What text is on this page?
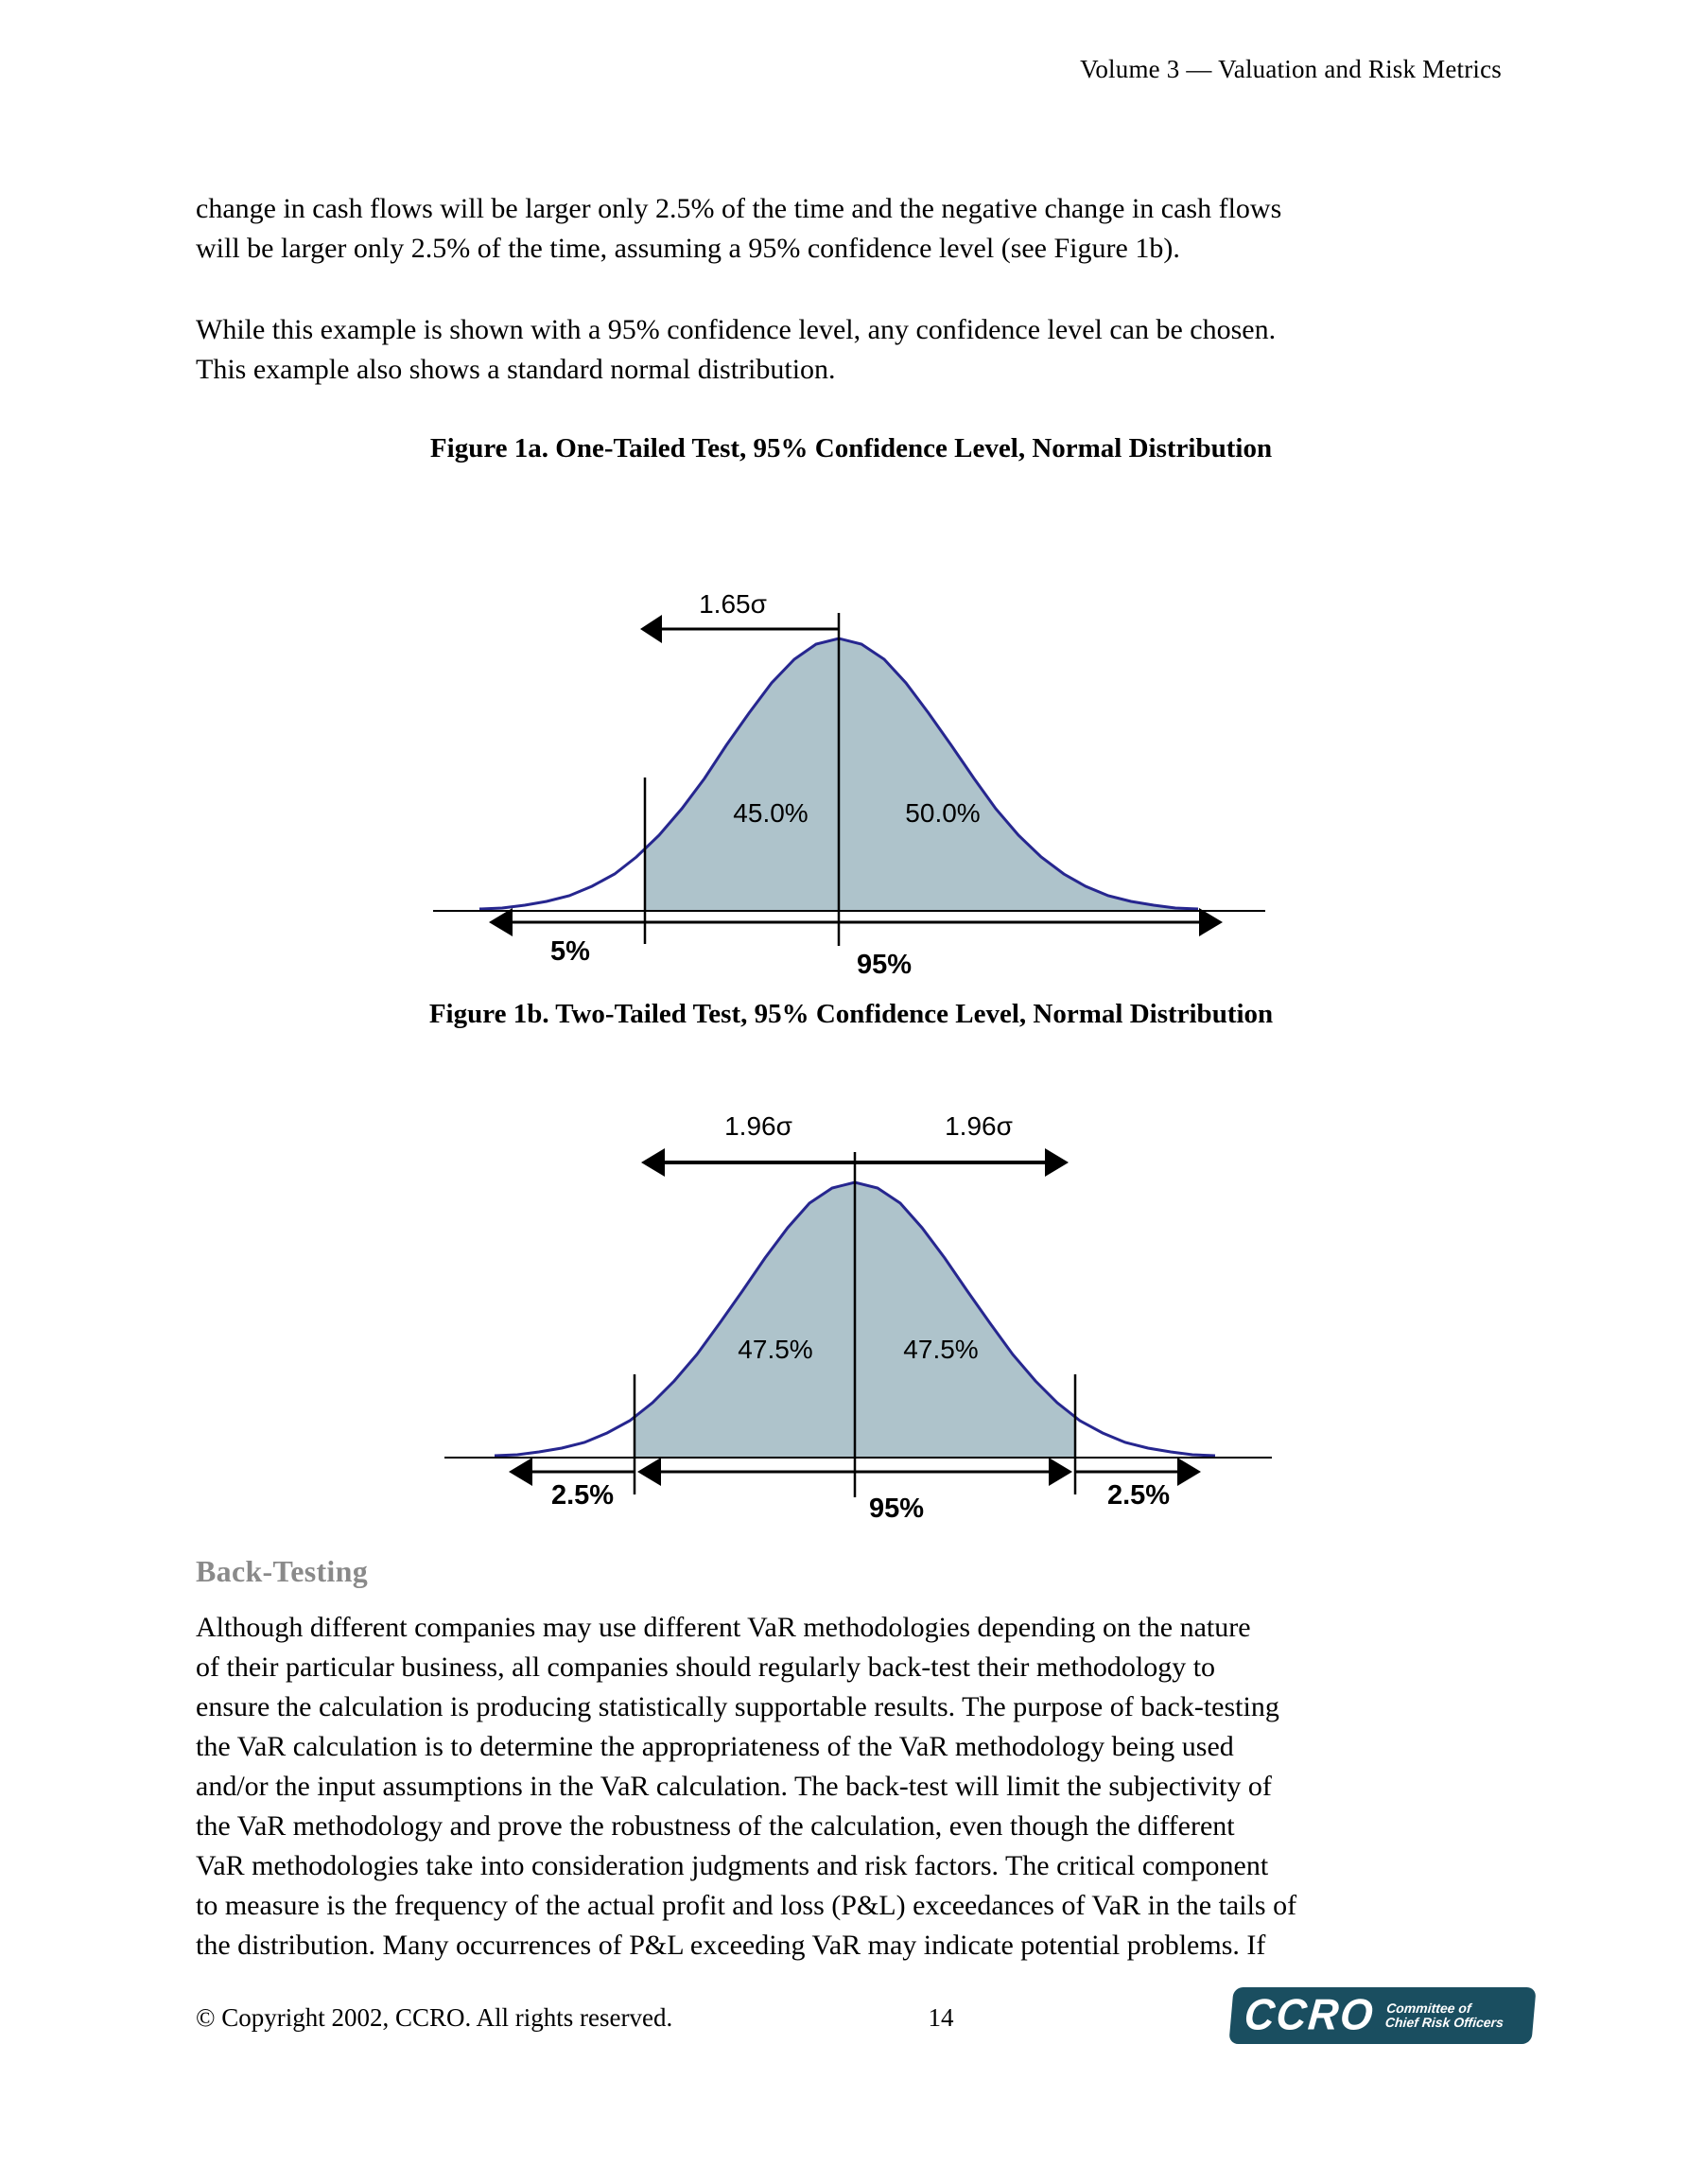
Volume 3 — Valuation and Risk Metrics
change in cash flows will be larger only 2.5% of the time and the negative change in cash flows
will be larger only 2.5% of the time, assuming a 95% confidence level (see Figure 1b).
While this example is shown with a 95% confidence level, any confidence level can be chosen.
This example also shows a standard normal distribution.
Figure 1a. One-Tailed Test, 95% Confidence Level, Normal Distribution
1.65σ
45.0%	50.0%
5%	95%
Figure 1b. Two-Tailed Test, 95% Confidence Level, Normal Distribution
1.96σ	1.96σ
47.5%	47.5%
2.5%	95%	2.5%
Back-Testing
Although different companies may use different VaR methodologies depending on the nature
of their particular business, all companies should regularly back-test their methodology to
ensure the calculation is producing statistically supportable results. The purpose of back-testing
the VaR calculation is to determine the appropriateness of the VaR methodology being used
and/or the input assumptions in the VaR calculation. The back-test will limit the subjectivity of
the VaR methodology and prove the robustness of the calculation, even though the different
VaR methodologies take into consideration judgments and risk factors. The critical component
to measure is the frequency of the actual profit and loss (P&L) exceedances of VaR in the tails of
the distribution. Many occurrences of P&L exceeding VaR may indicate potential problems. If
© Copyright 2002, CCRO. All rights reserved.	14	CCRO Committee of
Chief Risk Officers
